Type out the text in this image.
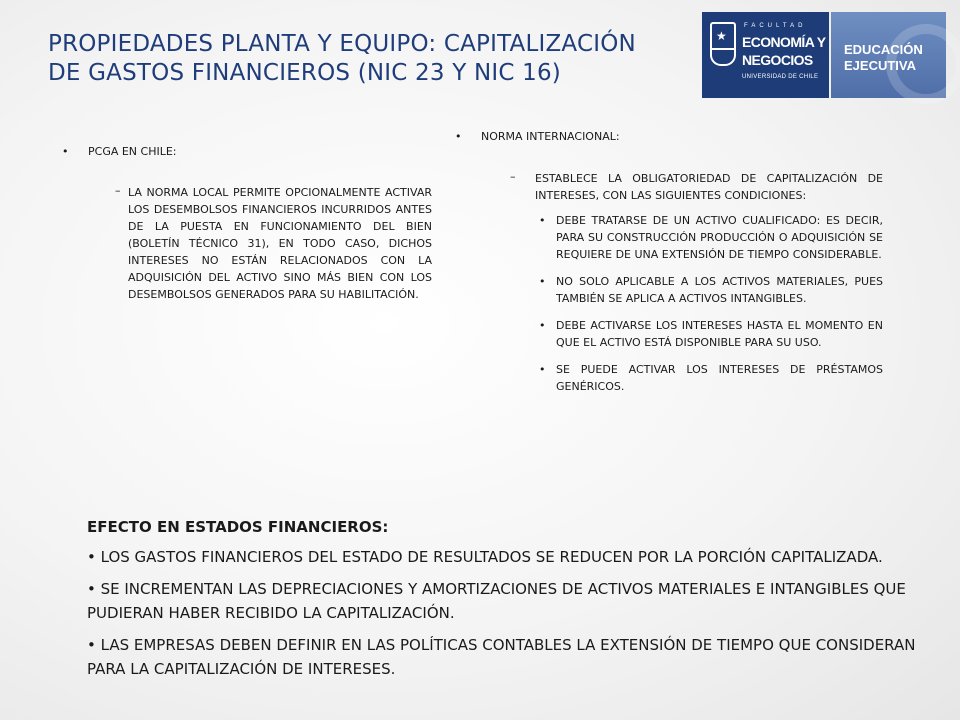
PROPIEDADES PLANTA Y EQUIPO: CAPITALIZACIÓN
DE GASTOS FINANCIEROS (NIC 23 Y NIC 16)
★
FACULTAD
ECONOMÍA Y
NEGOCIOS
UNIVERSIDAD DE CHILE
EDUCACIÓN
EJECUTIVA

• PCGA EN CHILE:

– LA NORMA LOCAL PERMITE OPCIONALMENTE ACTIVAR LOS DESEMBOLSOS FINANCIEROS INCURRIDOS ANTES DE LA PUESTA EN FUNCIONAMIENTO DEL BIEN (BOLETÍN TÉCNICO 31), EN TODO CASO, DICHOS INTERESES NO ESTÁN RELACIONADOS CON LA ADQUISICIÓN DEL ACTIVO SINO MÁS BIEN CON LOS DESEMBOLSOS GENERADOS PARA SU HABILITACIÓN.

• NORMA INTERNACIONAL:

– ESTABLECE LA OBLIGATORIEDAD DE CAPITALIZACIÓN DE INTERESES, CON LAS SIGUIENTES CONDICIONES:

• DEBE TRATARSE DE UN ACTIVO CUALIFICADO: ES DECIR, PARA SU CONSTRUCCIÓN PRODUCCIÓN O ADQUISICIÓN SE REQUIERE DE UNA EXTENSIÓN DE TIEMPO CONSIDERABLE.
• NO SOLO APLICABLE A LOS ACTIVOS MATERIALES, PUES TAMBIÉN SE APLICA A ACTIVOS INTANGIBLES.
• DEBE ACTIVARSE LOS INTERESES HASTA EL MOMENTO EN QUE EL ACTIVO ESTÁ DISPONIBLE PARA SU USO.
• SE PUEDE ACTIVAR LOS INTERESES DE PRÉSTAMOS GENÉRICOS.
EFECTO EN ESTADOS FINANCIEROS:

• LOS GASTOS FINANCIEROS DEL ESTADO DE RESULTADOS SE REDUCEN POR LA PORCIÓN CAPITALIZADA.

• SE INCREMENTAN LAS DEPRECIACIONES Y AMORTIZACIONES DE ACTIVOS MATERIALES E INTANGIBLES QUE PUDIERAN HABER RECIBIDO LA CAPITALIZACIÓN.

• LAS EMPRESAS DEBEN DEFINIR EN LAS POLÍTICAS CONTABLES LA EXTENSIÓN DE TIEMPO QUE CONSIDERAN PARA LA CAPITALIZACIÓN DE INTERESES.
